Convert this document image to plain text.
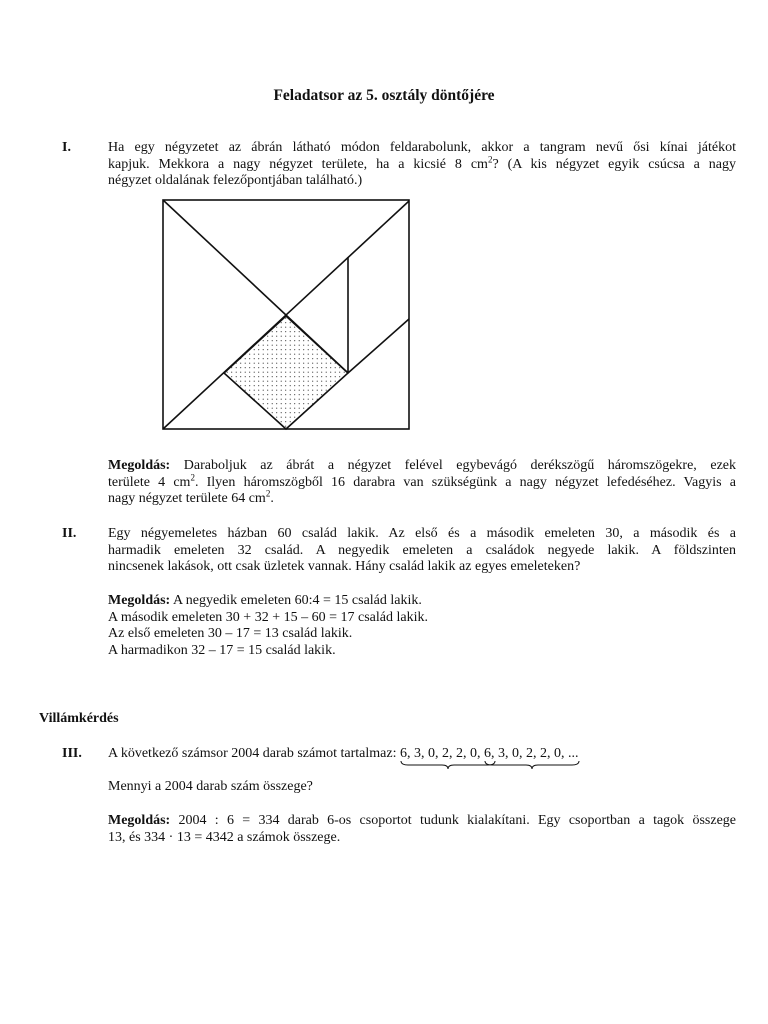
Feladatsor az 5. osztály döntőjére
I.	Ha egy négyzetet az ábrán látható módon feldarabolunk, akkor a tangram nevű ősi kínai játékot
kapjuk. Mekkora a nagy négyzet területe, ha a kicsié 8 $cm^2$? (A kis négyzet egyik csúcsa a nagy
négyzet oldalának felezőpontjában található.)
Megoldás: Daraboljuk az ábrát a négyzet felével egybevágó derékszögű háromszögekre, ezek
területe 4 $cm^2$. Ilyen háromszögből 16 darabra van szükségünk a nagy négyzet lefedéséhez. Vagyis a
nagy négyzet területe 64 $cm^2$.
II. Egy négyemeletes házban 60 család lakik. Az első és a második emeleten 30, a második és a
harmadik emeleten 32 család. A negyedik emeleten a családok negyede lakik. A földszinten
nincsenek lakások, ott csak üzletek vannak. Hány család lakik az egyes emeleteken?
Megoldás: A negyedik emeleten 60:4 = 15 család lakik.
A második emeleten 30 + 32 + 15 – 60 = 17 család lakik.
Az első emeleten 30 – 17 = 13 család lakik.
A harmadikon 32 – 17 = 15 család lakik.
Villámkérdés
III. A következő számsor 2004 darab számot tartalmaz: 6, 3, 0, 2, 2, 0, 6, 3, 0, 2, 2, 0, ...
Mennyi a 2004 darab szám összege?
Megoldás: 2004 : 6 = 334 darab 6-os csoportot tudunk kialakítani. Egy csoportban a tagok összege
13, és 334 · 13 = 4342 a számok összege.
